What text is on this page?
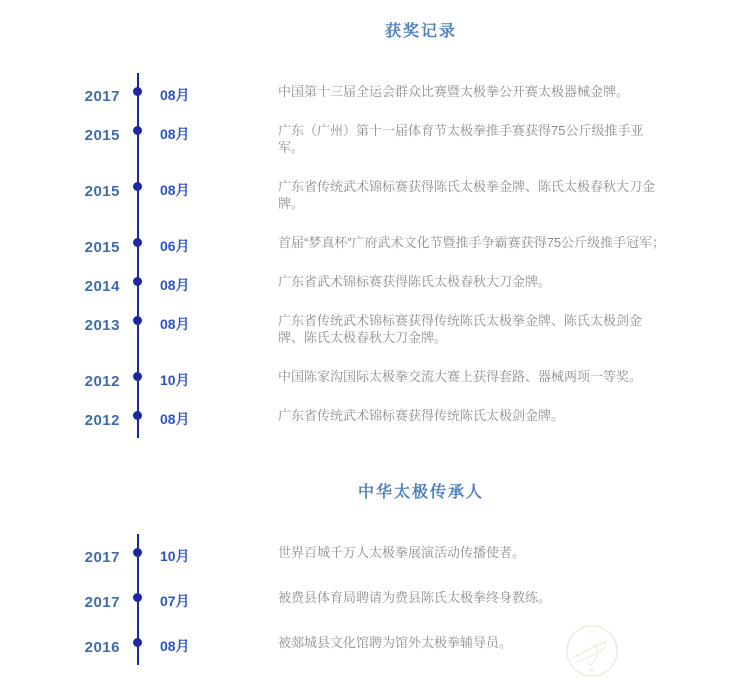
获奖记录
2017	08月	中国第十三届全运会群众比赛暨太极拳公开赛太极器械金牌。
2015	08月	广东（广州）第十一届体育节太极拳推手赛获得75公斤级推手亚军。
2015	08月	广东省传统武术锦标赛获得陈氏太极拳金牌、陈氏太极春秋大刀金牌。
2015	06月	首届“梦真杯”广府武术文化节暨推手争霸赛获得75公斤级推手冠军；
2014	08月	广东省武术锦标赛获得陈氏太极春秋大刀金牌。
2013	08月	广东省传统武术锦标赛获得传统陈氏太极拳金牌、陈氏太极剑金牌、陈氏太极春秋大刀金牌。
2012	10月	中国陈家沟国际太极拳交流大赛上获得套路、器械两项一等奖。
2012	08月	广东省传统武术锦标赛获得传统陈氏太极剑金牌。
中华太极传承人
2017	10月	世界百城千万人太极拳展演活动传播使者。
2017	07月	被费县体育局聘请为费县陈氏太极拳终身教练。
2016	08月	被郯城县文化馆聘为馆外太极拳辅导员。
